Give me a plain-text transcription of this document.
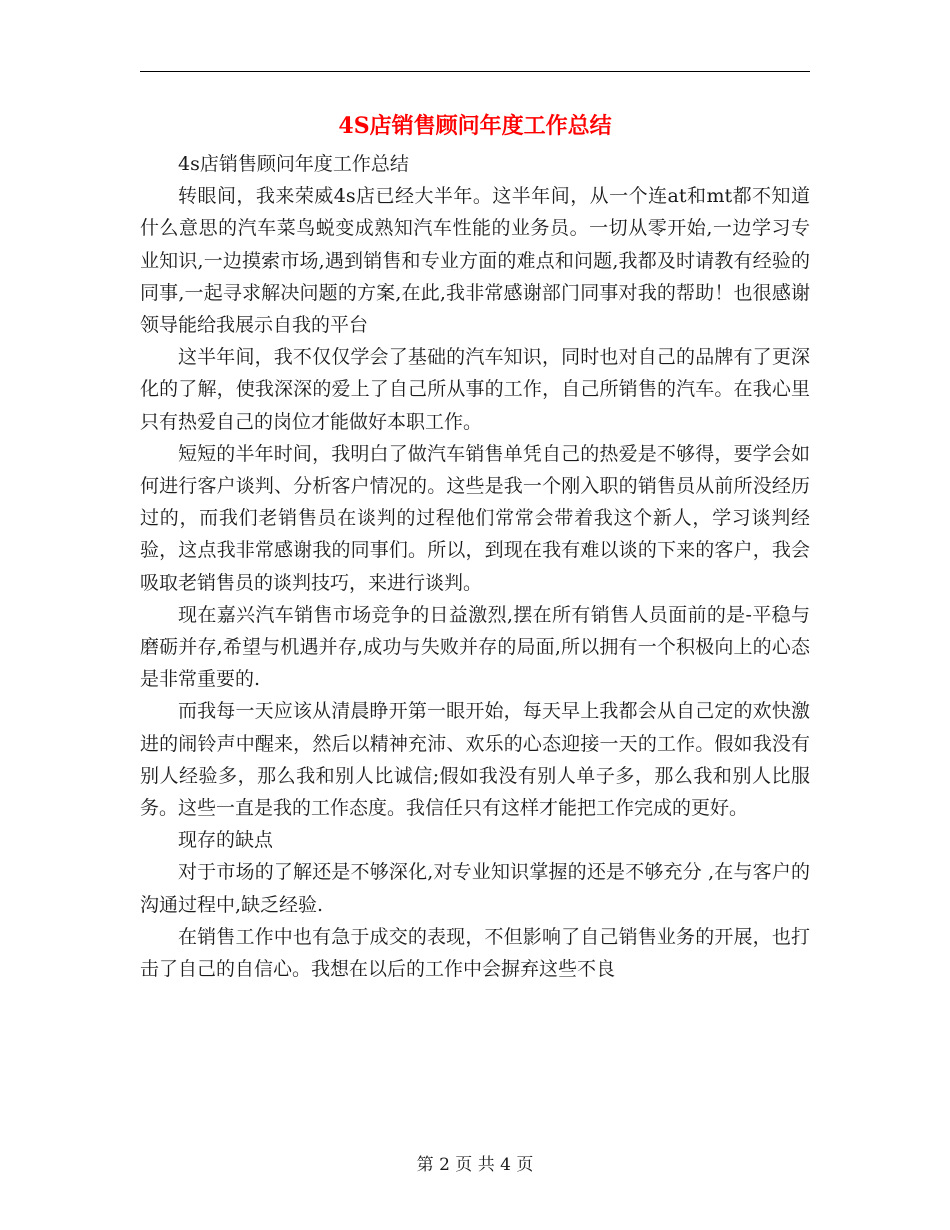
4S店销售顾问年度工作总结

4s店销售顾问年度工作总结

转眼间，我来荣威4s店已经大半年。这半年间，从一个连at和mt都不知道什么意思的汽车菜鸟蜕变成熟知汽车性能的业务员。一切从零开始,一边学习专业知识,一边摸索市场,遇到销售和专业方面的难点和问题,我都及时请教有经验的同事,一起寻求解决问题的方案,在此,我非常感谢部门同事对我的帮助！也很感谢领导能给我展示自我的平台

这半年间，我不仅仅学会了基础的汽车知识，同时也对自己的品牌有了更深化的了解，使我深深的爱上了自己所从事的工作，自己所销售的汽车。在我心里只有热爱自己的岗位才能做好本职工作。

短短的半年时间，我明白了做汽车销售单凭自己的热爱是不够得，要学会如何进行客户谈判、分析客户情况的。这些是我一个刚入职的销售员从前所没经历过的，而我们老销售员在谈判的过程他们常常会带着我这个新人，学习谈判经验，这点我非常感谢我的同事们。所以，到现在我有难以谈的下来的客户，我会吸取老销售员的谈判技巧，来进行谈判。

现在嘉兴汽车销售市场竞争的日益激烈,摆在所有销售人员面前的是-平稳与磨砺并存,希望与机遇并存,成功与失败并存的局面,所以拥有一个积极向上的心态是非常重要的.

而我每一天应该从清晨睁开第一眼开始，每天早上我都会从自己定的欢快激进的闹铃声中醒来，然后以精神充沛、欢乐的心态迎接一天的工作。假如我没有别人经验多，那么我和别人比诚信;假如我没有别人单子多，那么我和别人比服务。这些一直是我的工作态度。我信任只有这样才能把工作完成的更好。

现存的缺点

对于市场的了解还是不够深化,对专业知识掌握的还是不够充分 ,在与客户的沟通过程中,缺乏经验.

在销售工作中也有急于成交的表现，不但影响了自己销售业务的开展，也打击了自己的自信心。我想在以后的工作中会摒弃这些不良

第 2 页 共 4 页
